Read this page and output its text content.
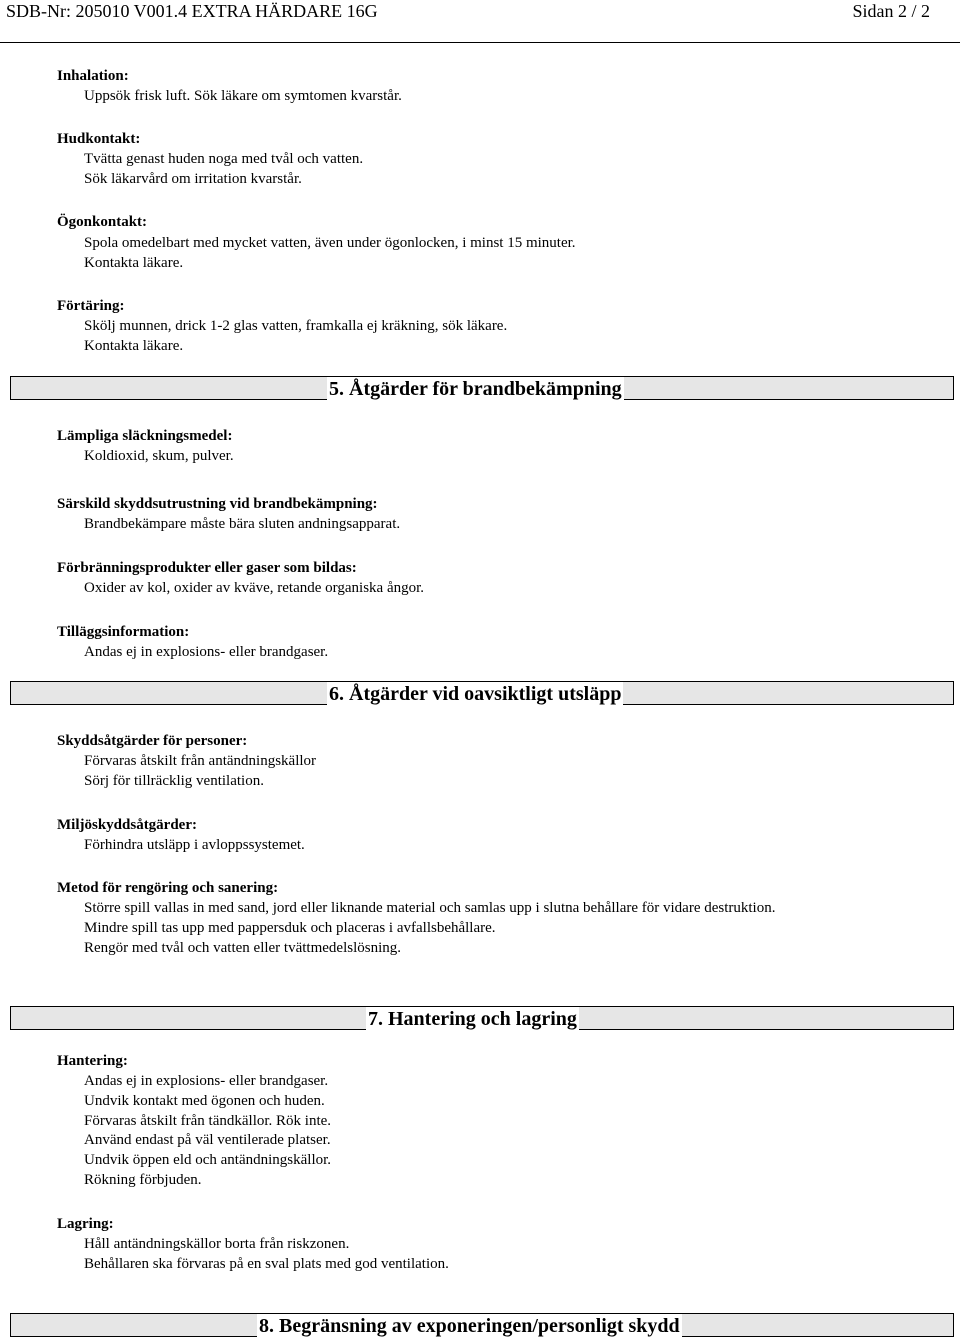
SDB-Nr: 205010 V001.4 EXTRA HÄRDARE 16G	Sidan 2 / 2
Inhalation:
Uppsök frisk luft. Sök läkare om symtomen kvarstår.
Hudkontakt:
Tvätta genast huden noga med tvål och vatten.
Sök läkarvård om irritation kvarstår.
Ögonkontakt:
Spola omedelbart med mycket vatten, även under ögonlocken, i minst 15 minuter.
Kontakta läkare.
Förtäring:
Skölj munnen, drick 1-2 glas vatten, framkalla ej kräkning, sök läkare.
Kontakta läkare.
5. Åtgärder för brandbekämpning
Lämpliga släckningsmedel:
Koldioxid, skum, pulver.
Särskild skyddsutrustning vid brandbekämpning:
Brandbekämpare måste bära sluten andningsapparat.
Förbränningsprodukter eller gaser som bildas:
Oxider av kol, oxider av kväve, retande organiska ångor.
Tilläggsinformation:
Andas ej in explosions- eller brandgaser.
6. Åtgärder vid oavsiktligt utsläpp
Skyddsåtgärder för personer:
Förvaras åtskilt från antändningskällor
Sörj för tillräcklig ventilation.
Miljöskyddsåtgärder:
Förhindra utsläpp i avloppssystemet.
Metod för rengöring och sanering:
Större spill vallas in med sand, jord eller liknande material och samlas upp i slutna behållare för vidare destruktion.
Mindre spill tas upp med pappersduk och placeras i avfallsbehållare.
Rengör med tvål och vatten eller tvättmedelslösning.
7. Hantering och lagring
Hantering:
Andas ej in explosions- eller brandgaser.
Undvik kontakt med ögonen och huden.
Förvaras åtskilt från tändkällor. Rök inte.
Använd endast på väl ventilerade platser.
Undvik öppen eld och antändningskällor.
Rökning förbjuden.
Lagring:
Håll antändningskällor borta från riskzonen.
Behållaren ska förvaras på en sval plats med god ventilation.
8. Begränsning av exponeringen/personligt skydd
